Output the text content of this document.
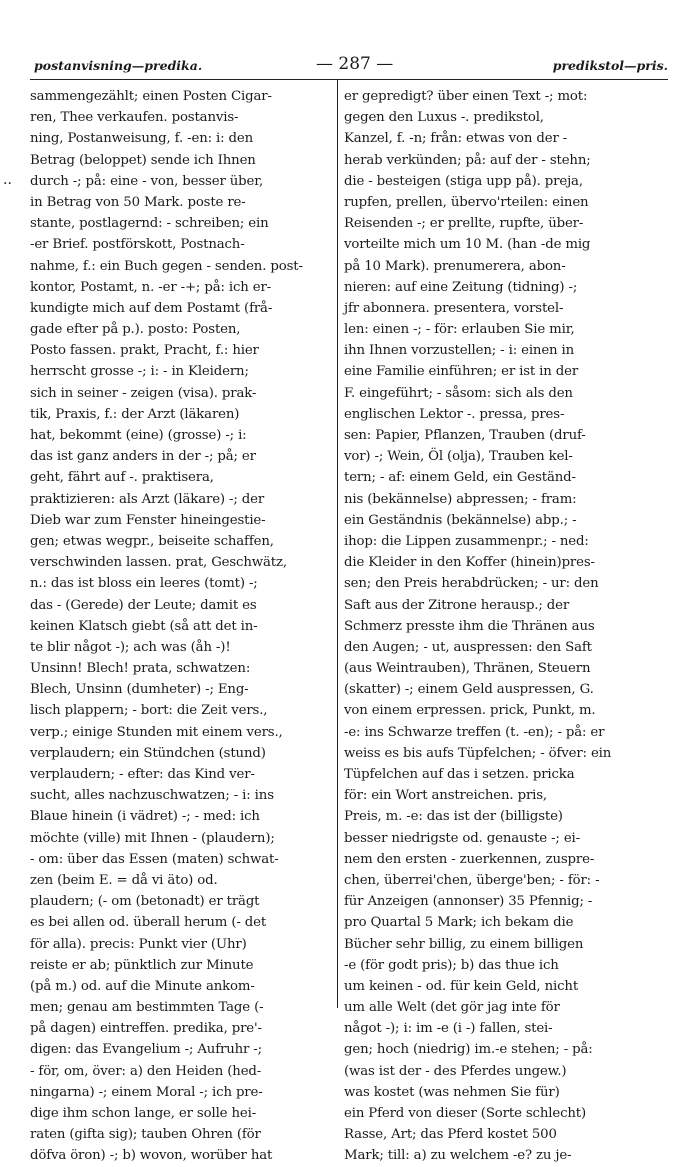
postanvisning—predika.	— 287 —	predikstol—pris.
..
sammengezählt; einen Posten Cigar-
ren, Thee verkaufen. postanvis-
ning, Postanweisung, f. -en: i: den
Betrag (beloppet) sende ich Ihnen
durch -; på: eine - von, besser über,
in Betrag von 50 Mark. poste re-
stante, postlagernd: - schreiben; ein
-er Brief. postförskott, Postnach-
nahme, f.: ein Buch gegen - senden. post-
kontor, Postamt, n. -er -+; på: ich er-
kundigte mich auf dem Postamt (frå-
gade efter på p.). posto: Posten,
Posto fassen. prakt, Pracht, f.: hier
herrscht grosse -; i: - in Kleidern;
sich in seiner - zeigen (visa). prak-
tik, Praxis, f.: der Arzt (läkaren)
hat, bekommt (eine) (grosse) -; i:
das ist ganz anders in der -; på; er
geht, fährt auf -. praktisera,
praktizieren: als Arzt (läkare) -; der
Dieb war zum Fenster hineingestie-
gen; etwas wegpr., beiseite schaffen,
verschwinden lassen. prat, Geschwätz,
n.: das ist bloss ein leeres (tomt) -;
das - (Gerede) der Leute; damit es
keinen Klatsch giebt (så att det in-
te blir något -); ach was (åh -)!
Unsinn! Blech! prata, schwatzen:
Blech, Unsinn (dumheter) -; Eng-
lisch plappern; - bort: die Zeit vers.,
verp.; einige Stunden mit einem vers.,
verplaudern; ein Stündchen (stund)
verplaudern; - efter: das Kind ver-
sucht, alles nachzuschwatzen; - i: ins
Blaue hinein (i vädret) -; - med: ich
möchte (ville) mit Ihnen - (plaudern);
- om: über das Essen (maten) schwat-
zen (beim E. = då vi äto) od.
plaudern; (- om (betonadt) er trägt
es bei allen od. überall herum (- det
för alla). precis: Punkt vier (Uhr)
reiste er ab; pünktlich zur Minute
(på m.) od. auf die Minute ankom-
men; genau am bestimmten Tage (-
på dagen) eintreffen. predika, pre'-
digen: das Evangelium -; Aufruhr -;
- för, om, över: a) den Heiden (hed-
ningarna) -; einem Moral -; ich pre-
dige ihm schon lange, er solle hei-
raten (gifta sig); tauben Ohren (för
döfva öron) -; b) wovon, worüber hat
er gepredigt? über einen Text -; mot:
gegen den Luxus -. predikstol,
Kanzel, f. -n; från: etwas von der -
herab verkünden; på: auf der - stehn;
die - besteigen (stiga upp på). preja,
rupfen, prellen, übervo'rteilen: einen
Reisenden -; er prellte, rupfte, über-
vorteilte mich um 10 M. (han -de mig
på 10 Mark). prenumerera, abon-
nieren: auf eine Zeitung (tidning) -;
jfr abonnera. presentera, vorstel-
len: einen -; - för: erlauben Sie mir,
ihn Ihnen vorzustellen; - i: einen in
eine Familie einführen; er ist in der
F. eingeführt; - såsom: sich als den
englischen Lektor -. pressa, pres-
sen: Papier, Pflanzen, Trauben (druf-
vor) -; Wein, Öl (olja), Trauben kel-
tern; - af: einem Geld, ein Geständ-
nis (bekännelse) abpressen; - fram:
ein Geständnis (bekännelse) abp.; -
ihop: die Lippen zusammenpr.; - ned:
die Kleider in den Koffer (hinein)pres-
sen; den Preis herabdrücken; - ur: den
Saft aus der Zitrone herausp.; der
Schmerz presste ihm die Thränen aus
den Augen; - ut, auspressen: den Saft
(aus Weintrauben), Thränen, Steuern
(skatter) -; einem Geld auspressen, G.
von einem erpressen. prick, Punkt, m.
-e: ins Schwarze treffen (t. -en); - på: er
weiss es bis aufs Tüpfelchen; - öfver: ein
Tüpfelchen auf das i setzen. pricka
för: ein Wort anstreichen. pris,
Preis, m. -e: das ist der (billigste)
besser niedrigste od. genauste -; ei-
nem den ersten - zuerkennen, zuspre-
chen, überrei'chen, überge'ben; - för: -
für Anzeigen (annonser) 35 Pfennig; -
pro Quartal 5 Mark; ich bekam die
Bücher sehr billig, zu einem billigen
-e (för godt pris); b) das thue ich
um keinen - od. für kein Geld, nicht
um alle Welt (det gör jag inte för
något -); i: im -e (i -) fallen, stei-
gen; hoch (niedrig) im.-e stehen; - på:
(was ist der - des Pferdes ungew.)
was kostet (was nehmen Sie für)
ein Pferd von dieser (Sorte schlecht)
Rasse, Art; das Pferd kostet 500
Mark; till: a) zu welchem -e? zu je-
